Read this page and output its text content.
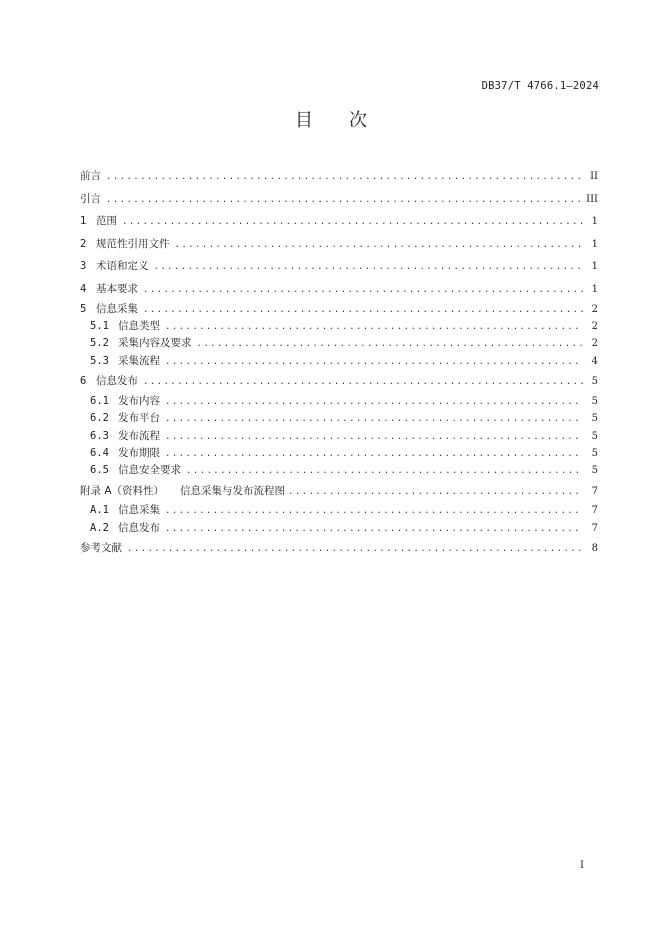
DB37/T 4766.1—2024
目 次
前言 .....	II
引言 .....	III
1 范围 .....	1
2 规范性引用文件 .....	1
3 术语和定义 .....	1
4 基本要求 .....	1
5 信息采集 .....	2
5.1 信息类型 .....	2
5.2 采集内容及要求 .....	2
5.3 采集流程 .....	4
6 信息发布 .....	5
6.1 发布内容 .....	5
6.2 发布平台 .....	5
6.3 发布流程 .....	5
6.4 发布期限 .....	5
6.5 信息安全要求 .....	5
附录 A（资料性）	信息采集与发布流程图 .....	7
A.1 信息采集 .....	7
A.2 信息发布 .....	7
参考文献 .....	8
I
